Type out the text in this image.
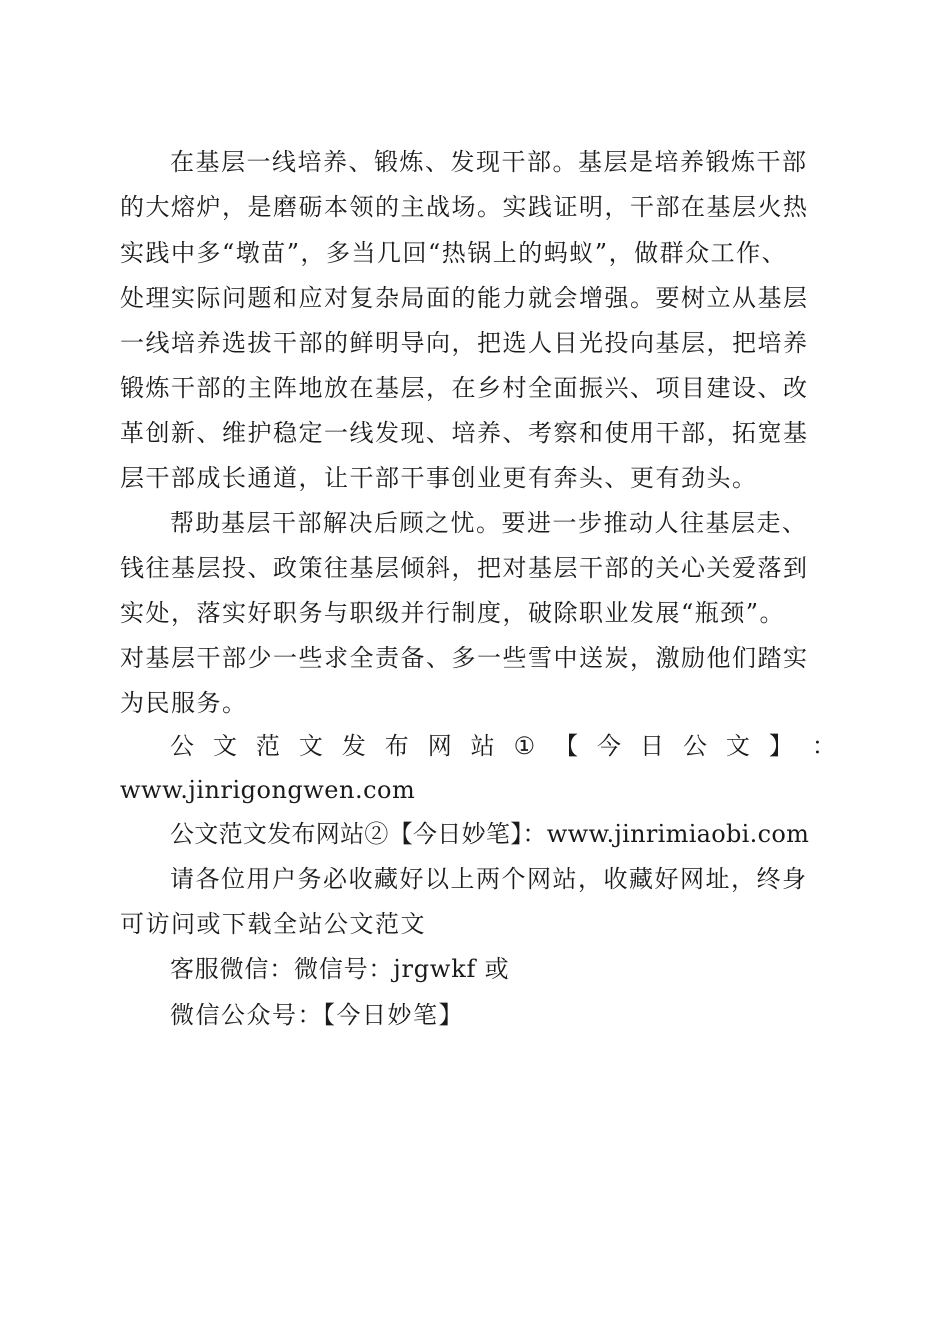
在基层一线培养、锻炼、发现干部。基层是培养锻炼干部
的大熔炉，是磨砺本领的主战场。实践证明，干部在基层火热
实践中多“墩苗”，多当几回“热锅上的蚂蚁”，做群众工作、
处理实际问题和应对复杂局面的能力就会增强。要树立从基层
一线培养选拔干部的鲜明导向，把选人目光投向基层，把培养
锻炼干部的主阵地放在基层，在乡村全面振兴、项目建设、改
革创新、维护稳定一线发现、培养、考察和使用干部，拓宽基
层干部成长通道，让干部干事创业更有奔头、更有劲头。
帮助基层干部解决后顾之忧。要进一步推动人往基层走、
钱往基层投、政策往基层倾斜，把对基层干部的关心关爱落到
实处，落实好职务与职级并行制度，破除职业发展“瓶颈”。
对基层干部少一些求全责备、多一些雪中送炭，激励他们踏实
为民服务。
公 文 范 文 发 布 网 站 ① 【 今 日 公 文 】 ：
www.jinrigongwen.com
公文范文发布网站②【今日妙笔】：www.jinrimiaobi.com
请各位用户务必收藏好以上两个网站，收藏好网址，终身
可访问或下载全站公文范文
客服微信：微信号：jrgwkf 或
微信公众号：【今日妙笔】
